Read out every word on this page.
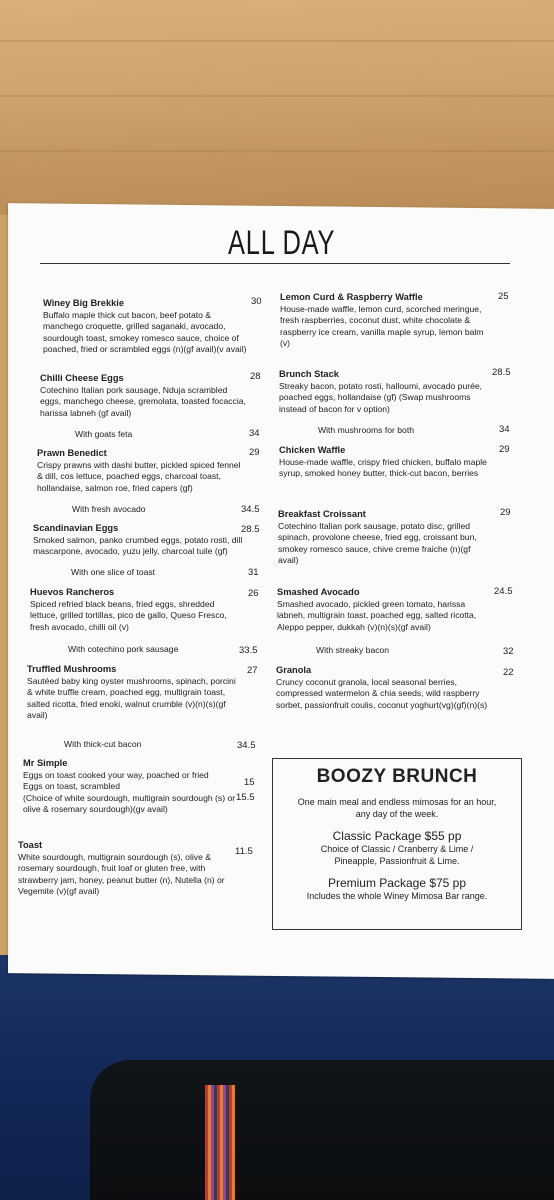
ALL DAY
Winey Big Brekkie
Buffalo maple thick cut bacon, beef potato & manchego croquette, grilled saganaki, avocado, sourdough toast, smokey romesco sauce, choice of poached, fried or scrambled eggs (n)(gf avail)(v avail)
30
Chilli Cheese Eggs
Cotechino Italian pork sausage, Nduja scrambled eggs, manchego cheese, gremolata, toasted focaccia, harissa labneh (gf avail)
28
With goats feta	34
Prawn Benedict
Crispy prawns with dashi butter, pickled spiced fennel & dill, cos lettuce, poached eggs, charcoal toast, hollandaise, salmon roe, fried capers (gf)
29
With fresh avocado	34.5
Scandinavian Eggs
Smoked salmon, panko crumbed eggs, potato rosti, dill mascarpone, avocado, yuzu jelly, charcoal tuile (gf)
28.5
With one slice of toast	31
Huevos Rancheros
Spiced refried black beans, fried eggs, shredded lettuce, grilled tortillas, pico de gallo, Queso Fresco, fresh avocado, chilli oil (v)
26
With cotechino pork sausage	33.5
Truffled Mushrooms
Sautéed baby king oyster mushrooms, spinach, porcini & white truffle cream, poached egg, multigrain toast, salted ricotta, fried enoki, walnut crumble (v)(n)(s)(gf avail)
27
With thick-cut bacon	34.5
Mr Simple
Eggs on toast cooked your way, poached or fried
Eggs on toast, scrambled
(Choice of white sourdough, multigrain sourdough (s) or olive & rosemary sourdough)(gv avail)
15
15.5
Toast
White sourdough, multigrain sourdough (s), olive & rosemary sourdough, fruit loaf or gluten free, with strawberry jam, honey, peanut butter (n), Nutella (n) or Vegemite (v)(gf avail)
11.5
Lemon Curd & Raspberry Waffle
House-made waffle, lemon curd, scorched meringue, fresh raspberries, coconut dust, white chocolate & raspberry ice cream, vanilla maple syrup, lemon balm (v)
25
Brunch Stack
Streaky bacon, potato rosti, halloumi, avocado purée, poached eggs, hollandaise (gf) (Swap mushrooms instead of bacon for v option)
28.5
With mushrooms for both	34
Chicken Waffle
House-made waffle, crispy fried chicken, buffalo maple syrup, smoked honey butter, thick-cut bacon, berries
29
Breakfast Croissant
Cotechino Italian pork sausage, potato disc, grilled spinach, provolone cheese, fried egg, croissant bun, smokey romesco sauce, chive creme fraiche (n)(gf avail)
29
Smashed Avocado
Smashed avocado, pickled green tomato, harissa labneh, multigrain toast, poached egg, salted ricotta, Aleppo pepper, dukkah (v)(n)(s)(gf avail)
24.5
With streaky bacon	32
Granola
Cruncy coconut granola, local seasonal berries, compressed watermelon & chia seeds, wild raspberry sorbet, passionfruit coulis, coconut yoghurt(vg)(gf)(n)(s)
22
BOOZY BRUNCH
One main meal and endless mimosas for an hour, any day of the week.
Classic Package $55 pp
Choice of Classic / Cranberry & Lime / Pineapple, Passionfruit & Lime.
Premium Package $75 pp
Includes the whole Winey Mimosa Bar range.
